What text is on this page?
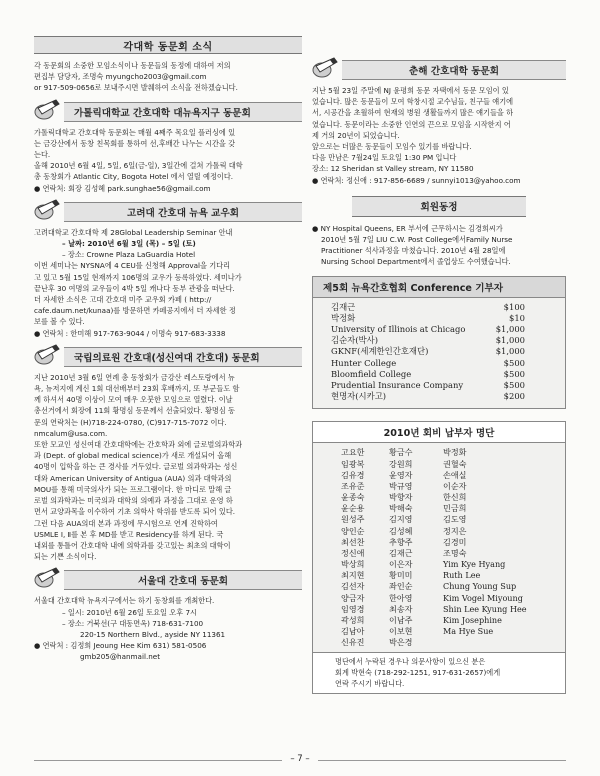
각대학 동문회 소식

각 동문회의 소중한 모임소식이나 동문들의 동정에 대하여 저의

편집부 담당자, 조명숙 myungcho2003@gmail.com

or 917-509-0656로 보내주시면 발췌하여 소식을 전하겠습니다.

가톨릭대학교 간호대학 대뉴욕지구 동문회

가톨릭대학교 간호대학 동문회는 매월 4째주 목요일 플러싱에 있

는 금강산에서 동창 친목회를 통하여 선,후배간 나누는 시간을 갖

는다.

올해 2010년 6월 4일, 5일, 6일(금-일), 3일간에 걸쳐 가톨릭 대학

총 동창회가 Atlantic City, Bogota Hotel 에서 열릴 예정이다.

● 연락처: 회장 김성혜 park.sunghae56@gmail.com

고려대 간호대 뉴욕 교우회

고려대학교 간호대학 제 28Global Leadership Seminar 안내

– 날짜: 2010년 6월 3일 (목) – 5일 (토)

– 장소: Crowne Plaza LaGuardia Hotel

이번 세미나는 NYSNA에 4 CEU를 신청해 Approval을 기다리

고 있고 5월 15일 현재까지 106명의 교우가 등록하였다. 세미나가

끝난후 30 여명의 교우들이 4박 5일 캐나다 동부 관광을 떠난다.

더 자세한 소식은 고대 간호대 미주 교우회 카페 ( http://

cafe.daum.net/kunaa)를 방문하면 카페공지에서 더 자세한 정

보를 볼 수 있다.

● 연락처 : 한미해 917-763-9044 / 이명숙 917-683-3338

국립의료원 간호대(성신여대 간호대) 동문회

지난 2010년 3월 6일 연례 총 동창회가 금강산 레스토랑에서 뉴

욕, 뉴저지에 계신 1회 대선배부터 23회 후배까지, 또 부군들도 함

께 하셔서 40명 이상이 모여 매우 오붓한 모임으로 열렸다. 이날

총선거에서 회장에 11회 황명심 동문께서 선출되었다. 황명심 동

문의 연락처는 (H)718-224-0780, (C)917-715-7072 이다.

nmcalum@usa.com.

또한 모교인 성신여대 간호대학에는 간호학과 외에 글로벌의과학과

과 (Dept. of global medical science)가 새로 개설되어 올해

40명이 입학을 하는 큰 경사를 거두었다. 글로벌 의과학과는 성신

대와 American University of Antigua (AUA) 의과 대학과의

MOU를 통해 미국의사가 되는 프로그램이다. 한 마디로 말해 글

로벌 의과학과는 미국의과 대학의 의예과 과정을 그대로 운영 하

면서 교양과목을 이수하여 기초 의학사 학위를 받도록 되어 있다.

그런 다음 AUA의대 본과 과정에 무시험으로 연계 진학하여

USMLE Ⅰ, Ⅱ를 본 후 MD를 받고 Residency를 하게 된다. 국

내외를 통틀어 간호대학 내에 의학과를 갖고있는 최초의 대학이

되는 기쁜 소식이다.

서울대 간호대 동문회

서울대 간호대학 뉴욕지구에서는 하기 동창회를 개최한다.

– 일시: 2010년 6월 26일 토요일 오후 7시

– 장소: 거북선(구 대동면옥) 718-631-7100

220-15 Northern Blvd., ayside NY 11361

● 연락처 : 김정희 Jeoung Hee Kim 631) 581-0506

gmb205@hanmail.net

춘해 간호대학 동문회

지난 5월 23일 주말에 NJ 윤평희 동문 자택에서 동문 모임이 있

었습니다. 많은 동문들이 모여 학창시절 교수님들, 친구들 얘기에

서, 시공간을 초월하여 현재의 병원 생활들까지 많은 얘기들을 하

였습니다. 동문이라는 소중한 인연의 끈으로 모임을 시작한지 어

제 거의 20년이 되었습니다.

앞으로는 더많은 동문들이 모임수 있기를 바랍니다.

다음 만남은 7월24일 토요일 1:30 PM 입니다

장소: 12 Sheridan st Valley stream, NY 11580

● 연락처: 정신애 : 917-856-6689 / sunnyi1013@yahoo.com

회원동정

● NY Hospital Queens, ER 부서에 근무하시는 김경희씨가

2010년 5월 7일 LIU C.W. Post College에서Family Nurse

Practitioner 석사과정을 마쳤습니다. 2010년 4월 28일에

Nursing School Department에서 졸업상도 수여했습니다.

제5회 뉴욕간호협회 Conference 기부자
김재근	$100
박정화	$10
University of Illinois at Chicago	$1,000
김순자(박사)	$1,000
GKNF(세계한인간호재단)	$1,000
Hunter College	$500
Bloomfield College	$500
Prudential Insurance Company	$500
현명자(시카고)	$200
2010년 회비 납부자 명단
고요한	황금수	박정화
임광복	강원희	권혈숙
김유경	윤영자	손애실
조유준	박규영	이순자
윤종숙	박향자	한신희
윤순용	박해숙	민금희
원성주	김지영	김도영
양인순	김성혜	정지은
최선찬	추향주	김경미
정신애	김재근	조명숙
박상희	이은자	Yim Kye Hyang
최지현	황미미	Ruth Lee
김선자	좌인순	Chung Young Sup
양금자	한아영	Kim Vogel Miyoung
임영경	최송자	Shin Lee Kyung Hee
곽성희	이남주	Kim Josephine
김남아	이보현	Ma Hye Sue
신유진	박은경
명단에서 누락된 경우나 의문사항이 있으신 분은
회계 박현숙 (718-292-1251, 917-631-2657)에게
연락 주시기 바랍니다.
– 7 –
